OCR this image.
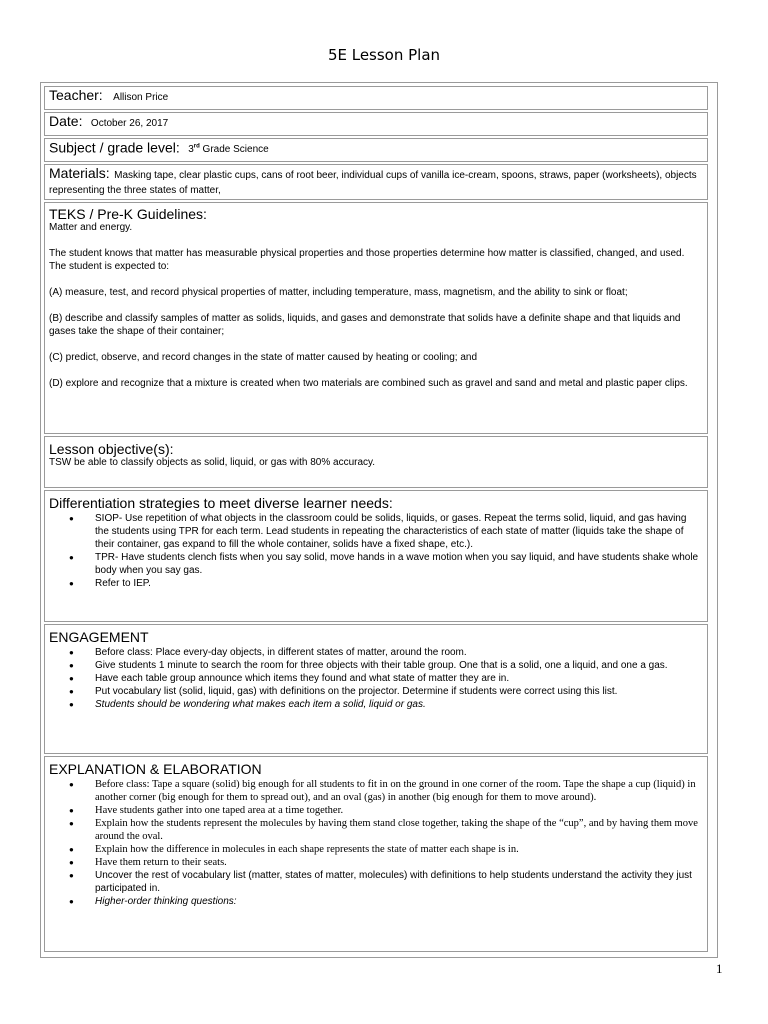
5E Lesson Plan
Teacher: Allison Price
Date: October 26, 2017
Subject / grade level: 3rd Grade Science
Materials: Masking tape, clear plastic cups, cans of root beer, individual cups of vanilla ice-cream, spoons, straws, paper (worksheets), objects representing the three states of matter,
TEKS / Pre-K Guidelines:

Matter and energy.

The student knows that matter has measurable physical properties and those properties determine how matter is classified, changed, and used. The student is expected to:

(A) measure, test, and record physical properties of matter, including temperature, mass, magnetism, and the ability to sink or float;

(B) describe and classify samples of matter as solids, liquids, and gases and demonstrate that solids have a definite shape and that liquids and gases take the shape of their container;

(C) predict, observe, and record changes in the state of matter caused by heating or cooling; and

(D) explore and recognize that a mixture is created when two materials are combined such as gravel and sand and metal and plastic paper clips.

Lesson objective(s):

TSW be able to classify objects as solid, liquid, or gas with 80% accuracy.

Differentiation strategies to meet diverse learner needs:
● SIOP- Use repetition of what objects in the classroom could be solids, liquids, or gases. Repeat the terms solid, liquid, and gas having the students using TPR for each term. Lead students in repeating the characteristics of each state of matter (liquids take the shape of their container, gas expand to fill the whole container, solids have a fixed shape, etc.).
● TPR- Have students clench fists when you say solid, move hands in a wave motion when you say liquid, and have students shake whole body when you say gas.
● Refer to IEP.
ENGAGEMENT
● Before class: Place every-day objects, in different states of matter, around the room.
● Give students 1 minute to search the room for three objects with their table group. One that is a solid, one a liquid, and one a gas.
● Have each table group announce which items they found and what state of matter they are in.
● Put vocabulary list (solid, liquid, gas) with definitions on the projector. Determine if students were correct using this list.
● Students should be wondering what makes each item a solid, liquid or gas.
EXPLANATION & ELABORATION
● Before class: Tape a square (solid) big enough for all students to fit in on the ground in one corner of the room. Tape the shape a cup (liquid) in another corner (big enough for them to spread out), and an oval (gas) in another (big enough for them to move around).
● Have students gather into one taped area at a time together.
● Explain how the students represent the molecules by having them stand close together, taking the shape of the “cup”, and by having them move around the oval.
● Explain how the difference in molecules in each shape represents the state of matter each shape is in.
● Have them return to their seats.
● Uncover the rest of vocabulary list (matter, states of matter, molecules) with definitions to help students understand the activity they just participated in.
● Higher-order thinking questions:
1
